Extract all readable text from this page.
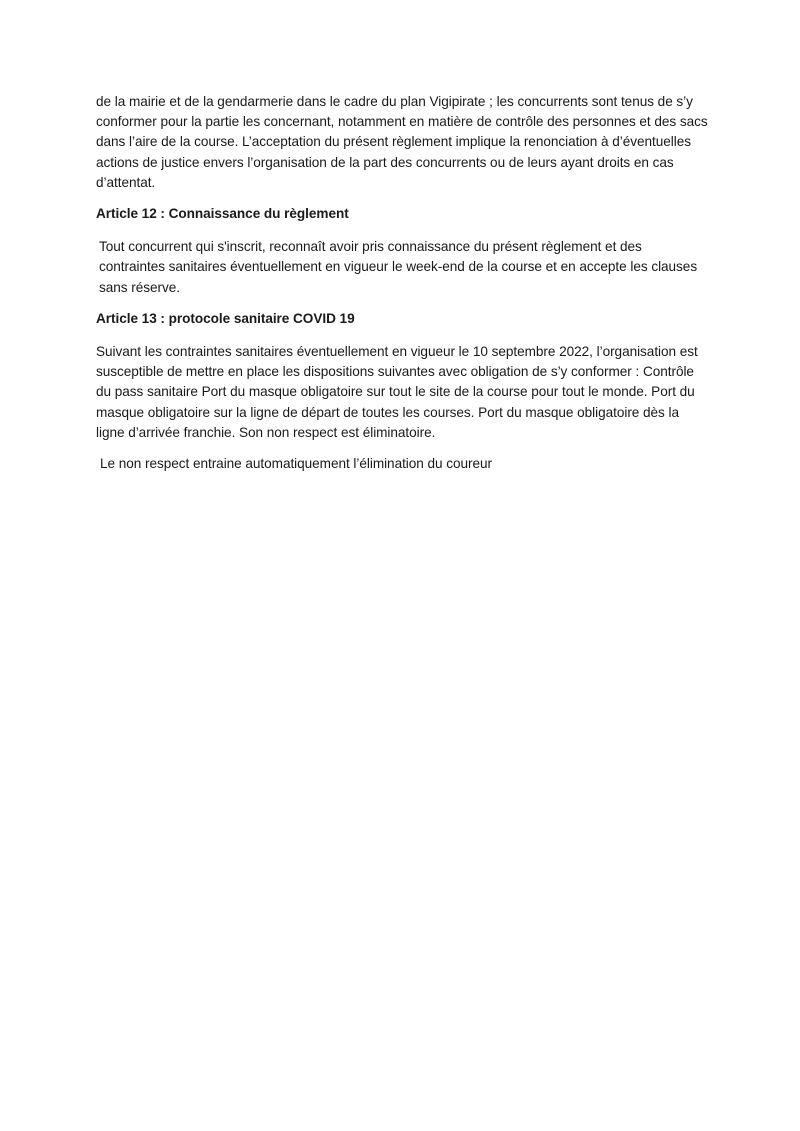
de la mairie et de la gendarmerie dans le cadre du plan Vigipirate ; les concurrents sont tenus de s’y conformer pour la partie les concernant, notamment en matière de contrôle des personnes et des sacs dans l’aire de la course. L’acceptation du présent règlement implique la renonciation à d’éventuelles actions de justice envers l’organisation de la part des concurrents ou de leurs ayant droits en cas d’attentat.

Article 12 : Connaissance du règlement

Tout concurrent qui s'inscrit, reconnaît avoir pris connaissance du présent règlement et des contraintes sanitaires éventuellement en vigueur le week-end de la course et en accepte les clauses sans réserve.

Article 13 : protocole sanitaire COVID 19

Suivant les contraintes sanitaires éventuellement en vigueur le 10 septembre 2022, l’organisation est susceptible de mettre en place les dispositions suivantes avec obligation de s’y conformer : Contrôle du pass sanitaire Port du masque obligatoire sur tout le site de la course pour tout le monde. Port du masque obligatoire sur la ligne de départ de toutes les courses. Port du masque obligatoire dès la ligne d’arrivée franchie. Son non respect est éliminatoire.

Le non respect entraine automatiquement l’élimination du coureur
